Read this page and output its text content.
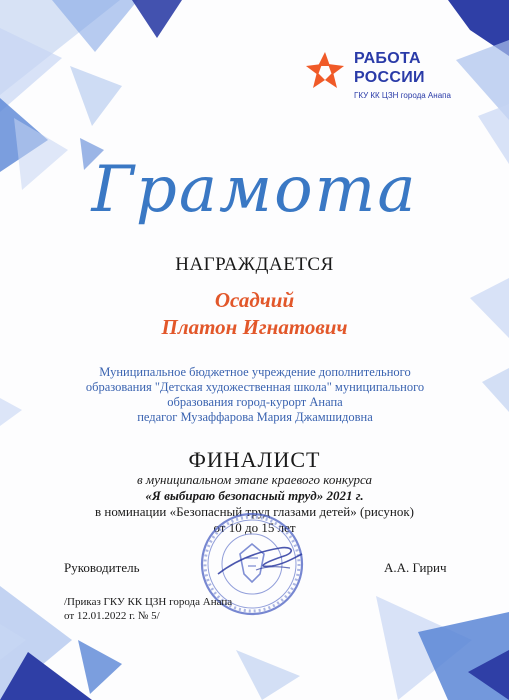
РАБОТА
РОССИИ
ГКУ КК ЦЗН города Анапа
Грамота
НАГРАЖДАЕТСЯ
Осадчий
Платон Игнатович
Муниципальное бюджетное учреждение дополнительного
образования "Детская художественная школа" муниципального
образования город-курорт Анапа
педагог Музаффарова Мария Джамшидовна
ФИНАЛИСТ
в муниципальном этапе краевого конкурса
«Я выбираю безопасный труд» 2021 г.
в номинации «Безопасный труд глазами детей» (рисунок)
от 10 до 15 лет
Руководитель	А.А. Гирич
/Приказ ГКУ КК ЦЗН города Анапа
от 12.01.2022 г. № 5/
